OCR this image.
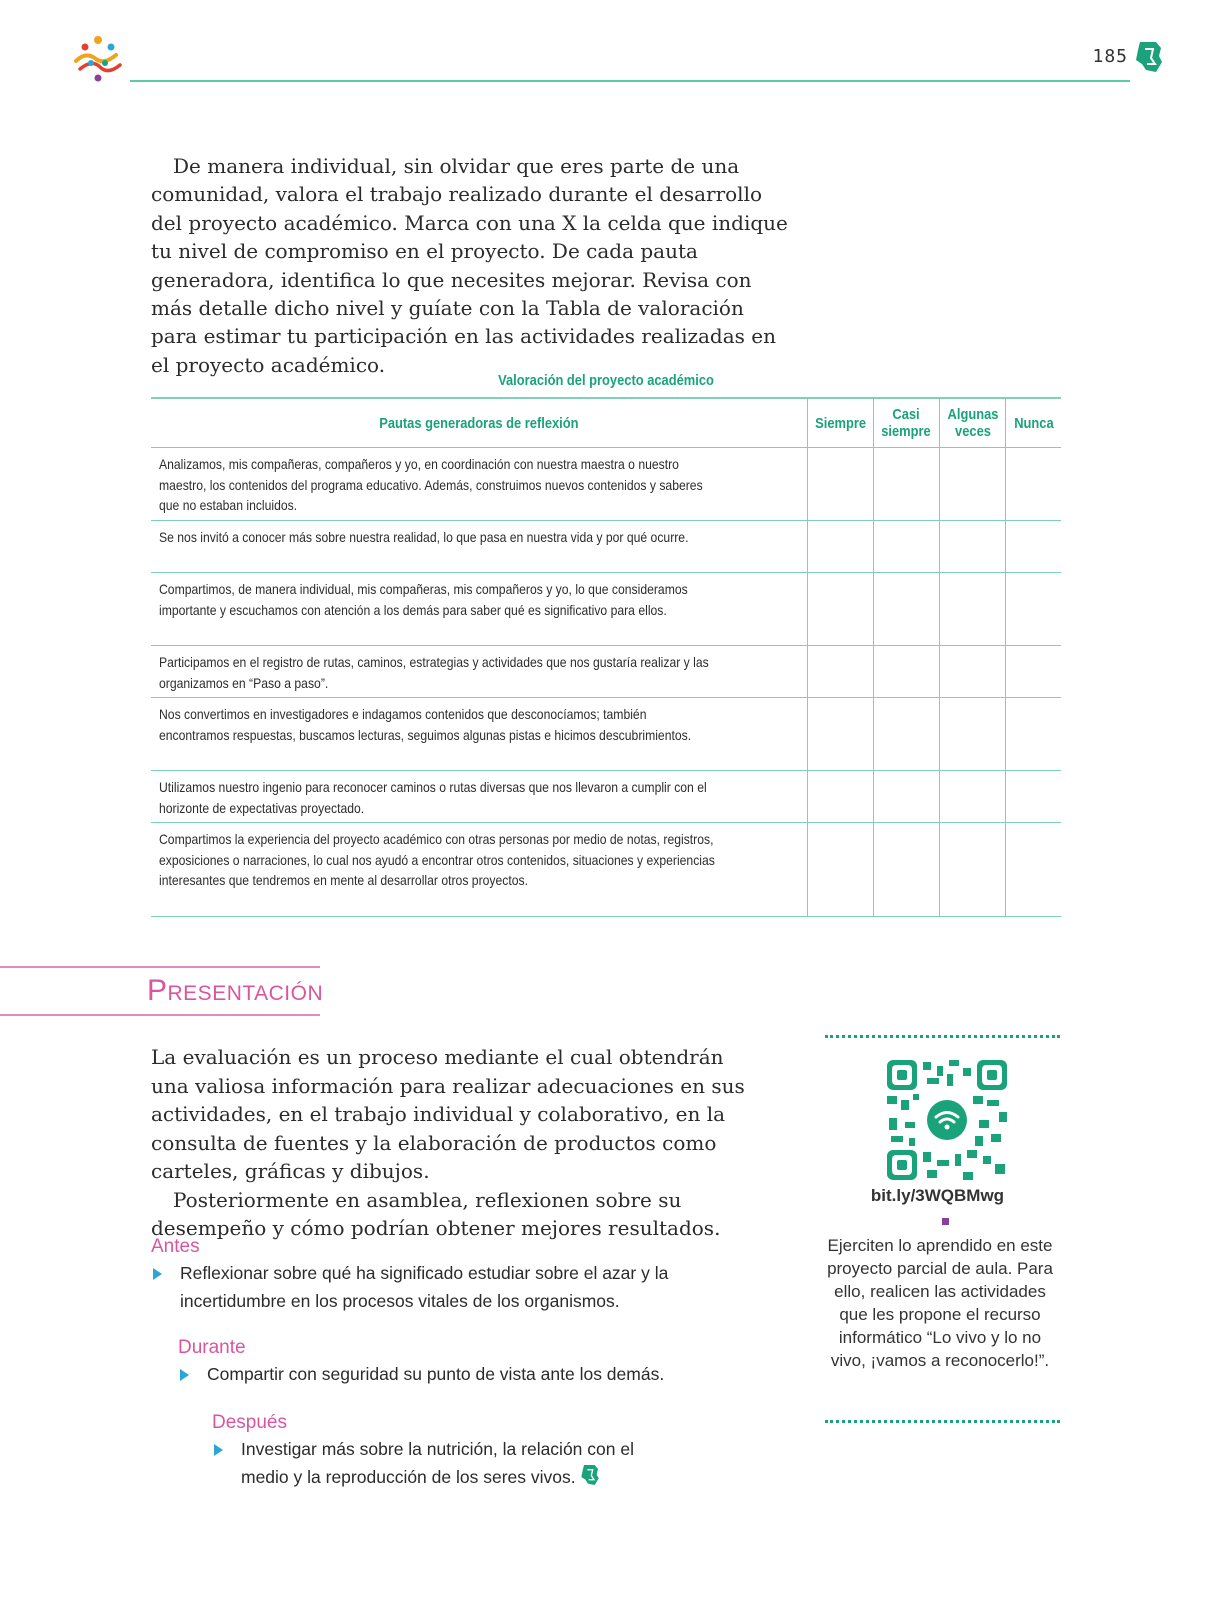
185

De manera individual, sin olvidar que eres parte de una comunidad, valora el trabajo realizado durante el desarrollo del proyecto académico. Marca con una X la celda que indique tu nivel de compromiso en el proyecto. De cada pauta generadora, identifica lo que necesites mejorar. Revisa con más detalle dicho nivel y guíate con la Tabla de valoración para estimar tu participación en las actividades realizadas en el proyecto académico.

Valoración del proyecto académico
Pautas generadoras de reflexión	Siempre	Casi siempre	Algunas veces	Nunca

Analizamos, mis compañeras, compañeros y yo, en coordinación con nuestra maestra o nuestro maestro, los contenidos del programa educativo. Además, construimos nuevos contenidos y saberes que no estaban incluidos.				

Se nos invitó a conocer más sobre nuestra realidad, lo que pasa en nuestra vida y por qué ocurre.				

Compartimos, de manera individual, mis compañeras, mis compañeros y yo, lo que consideramos importante y escuchamos con atención a los demás para saber qué es significativo para ellos.				

Participamos en el registro de rutas, caminos, estrategias y actividades que nos gustaría realizar y las organizamos en “Paso a paso”.				

Nos convertimos en investigadores e indagamos contenidos que desconocíamos; también encontramos respuestas, buscamos lecturas, seguimos algunas pistas e hicimos descubrimientos.				

Utilizamos nuestro ingenio para reconocer caminos o rutas diversas que nos llevaron a cumplir con el horizonte de expectativas proyectado.				

Compartimos la experiencia del proyecto académico con otras personas por medio de notas, registros, exposiciones o narraciones, lo cual nos ayudó a encontrar otros contenidos, situaciones y experiencias interesantes que tendremos en mente al desarrollar otros proyectos.				

Presentación

La evaluación es un proceso mediante el cual obtendrán una valiosa información para realizar adecuaciones en sus actividades, en el trabajo individual y colaborativo, en la consulta de fuentes y la elaboración de productos como carteles, gráficas y dibujos.

Posteriormente en asamblea, reflexionen sobre su desempeño y cómo podrían obtener mejores resultados.

Antes
Reflexionar sobre qué ha significado estudiar sobre el azar y la incertidumbre en los procesos vitales de los organismos.
Durante
Compartir con seguridad su punto de vista ante los demás.
Después
Investigar más sobre la nutrición, la relación con el medio y la reproducción de los seres vivos.
bit.ly/3WQBMwg
Ejerciten lo aprendido en este proyecto parcial de aula. Para ello, realicen las actividades que les propone el recurso informático “Lo vivo y lo no vivo, ¡vamos a reconocerlo!”.
